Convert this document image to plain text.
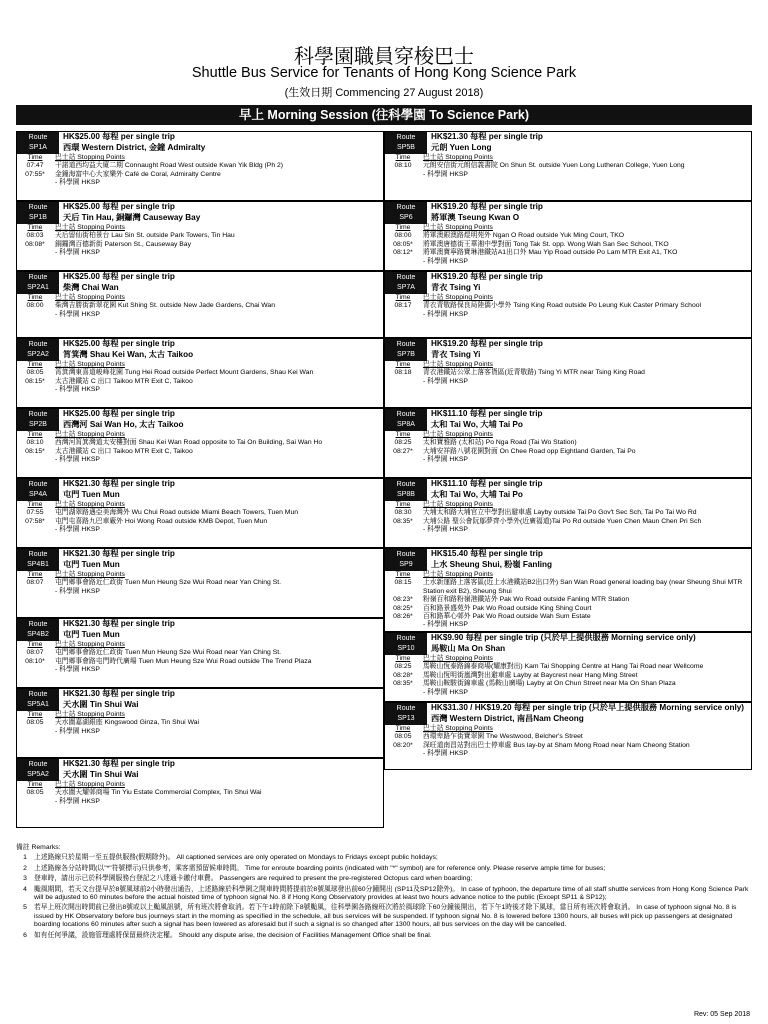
科學園職員穿梭巴士
Shuttle Bus Service for Tenants of Hong Kong Science Park
(生效日期 Commencing 27 August 2018)
早上 Morning Session (往科學園 To Science Park)
Route
SP1A
HK$25.00 每程 per single trip
西環 Western District, 金鐘 Admiralty
Time	巴士站 Stopping Points
07:47	干諾道西均益大廈二期 Connaught Road West outside Kwan Yik Bldg (Ph 2)
07:55*	金鐘海富中心大家樂外 Café de Coral, Admiralty Centre
- 科學園 HKSP
Route
SP1B
HK$25.00 每程 per single trip
天后 Tin Hau, 銅鑼灣 Causeway Bay
Time	巴士站 Stopping Points
08:03	天后留仙街柏景台 Lau Sin St. outside Park Towers, Tin Hau
08:08*	銅鑼灣百德新街 Paterson St., Causeway Bay
- 科學園 HKSP
Route
SP2A1
HK$25.00 每程 per single trip
柴灣 Chai Wan
Time	巴士站 Stopping Points
08:00	柴灣吉勝街新翠花園 Kut Shing St. outside New Jade Gardens, Chai Wan
- 科學園 HKSP
Route
SP2A2
HK$25.00 每程 per single trip
筲箕灣 Shau Kei Wan, 太古 Taikoo
Time	巴士站 Stopping Points
08:05	筲箕灣東喜道峻峰花園 Tung Hei Road outside Perfect Mount Gardens, Shau Kei Wan
08:15*	太古港鐵站 C 出口 Taikoo MTR Exit C, Taikoo
- 科學園 HKSP
Route
SP2B
HK$25.00 每程 per single trip
西灣河 Sai Wan Ho, 太古 Taikoo
Time	巴士站 Stopping Points
08:10	西灣河筲箕灣道太安樓對面 Shau Kei Wan Road opposite to Tai On Building, Sai Wan Ho
08:15*	太古港鐵站 C 出口 Taikoo MTR Exit C, Taikoo
- 科學園 HKSP
Route
SP4A
HK$21.30 每程 per single trip
屯門 Tuen Mun
Time	巴士站 Stopping Points
07:55	屯門湖翠路邁亞美海灣外 Wu Chui Road outside Miami Beach Towers, Tuen Mun
07:58*	屯門屯喜路九巴車廠外 Hoi Wong Road outside KMB Depot, Tuen Mun
- 科學園 HKSP
Route
SP4B1
HK$21.30 每程 per single trip
屯門 Tuen Mun
Time	巴士站 Stopping Points
08:07	屯門鄉事會路近仁政街 Tuen Mun Heung Sze Wui Road near Yan Ching St.
- 科學園 HKSP
Route
SP4B2
HK$21.30 每程 per single trip
屯門 Tuen Mun
Time	巴士站 Stopping Points
08:07	屯門鄉事會路近仁政街 Tuen Mun Heung Sze Wui Road near Yan Ching St.
08:10*	屯門鄉事會路屯門時代廣場 Tuen Mun Heung Sze Wui Road outside The Trend Plaza
- 科學園 HKSP
Route
SP5A1
HK$21.30 每程 per single trip
天水圍 Tin Shui Wai
Time	巴士站 Stopping Points
08:05	天水圍嘉湖銀座 Kingswood Ginza, Tin Shui Wai
- 科學園 HKSP
Route
SP5A2
HK$21.30 每程 per single trip
天水圍 Tin Shui Wai
Time	巴士站 Stopping Points
08:05	天水圍天耀邨商場 Tin Yiu Estate Commercial Complex, Tin Shui Wai
- 科學園 HKSP
Route
SP5B
HK$21.30 每程 per single trip
元朗 Yuen Long
Time	巴士站 Stopping Points
08:10	元朗安信街元朗信義書院 On Shun St. outside Yuen Long Lutheran College, Yuen Long
- 科學園 HKSP
Route
SP6
HK$19.20 每程 per single trip
將軍澳 Tseung Kwan O
Time	巴士站 Stopping Points
08:00	將軍澳銀澳路煜明苑外 Ngan O Road outside Yuk Ming Court, TKO
08:05*	將軍澳唐德街王華湘中學對面 Tong Tak St. opp. Wong Wah San Sec School, TKO
08:12*	將軍澳寶寧路寶琳港鐵站A1出口外 Mau Yip Road outside Po Lam MTR Exit A1, TKO
- 科學園 HKSP
Route
SP7A
HK$19.20 每程 per single trip
青衣 Tsing Yi
Time	巴士站 Stopping Points
08:17	青衣青敬路保良局陸僑小學外 Tsing King Road outside Po Leung Kuk Caster Primary School
- 科學園 HKSP
Route
SP7B
HK$19.20 每程 per single trip
青衣 Tsing Yi
Time	巴士站 Stopping Points
08:18	青衣港鐵站公眾上落客貨區(近青敬路) Tsing Yi MTR near Tsing King Road
- 科學園 HKSP
Route
SP8A
HK$11.10 每程 per single trip
太和 Tai Wo, 大埔 Tai Po
Time	巴士站 Stopping Points
08:25	太和寶雅路 (太和站) Po Nga Road (Tai Wo Station)
08:27*	大埔安祥路八號花園對面 On Chee Road opp Eightland Garden, Tai Po
- 科學園 HKSP
Route
SP8B
HK$11.10 每程 per single trip
太和 Tai Wo, 大埔 Tai Po
Time	巴士站 Stopping Points
08:30	大埔太和路大埔官立中學對出避車處 Layby outside Tai Po Gov't Sec Sch, Tai Po Tai Wo Rd
08:35*	大埔公路 聖公會阮鄔夢齊小學外(近廣福道)Tai Po Rd outside Yuen Chen Maun Chen Pri Sch
- 科學園 HKSP
Route
SP9
HK$15.40 每程 per single trip
上水 Sheung Shui, 粉嶺 Fanling
Time	巴士站 Stopping Points
08:15	上水新運路上落客區(近上水港鐵站B2出口外) San Wan Road general loading bay (near Sheung Shui MTR Station exit B2), Sheung Shui
08:23*	粉嶺百和路粉嶺港鐵站外 Pak Wo Road outside Fanling MTR Station
08:25*	百和路景盛苑外 Pak Wo Road outside King Shing Court
08:26*	百和路華心邨外 Pak Wo Road outside Wah Sum Estate
- 科學園 HKSP
Route
SP10
HK$9.90 每程 per single trip (只於早上提供服務 Morning service only)
馬鞍山 Ma On Shan
Time	巴士站 Stopping Points
08:25	馬鞍山恆泰路錦泰商場(耀康對出) Kam Tai Shopping Centre at Hang Tai Road near Wellcome
08:28*	馬鞍山恆明街嵐灣對出避車處 Layby at Baycrest near Hang Ming Street
08:35*	馬鞍山鞍駿街錦車處 (馬鞍山廣場) Layby at On Chun Street near Ma On Shan Plaza
- 科學園 HKSP
Route
SP13
HK$31.30 / HK$19.20 每程 per single trip (只於早上提供服務 Morning service only)
西灣 Western District, 南昌Nam Cheong
Time	巴士站 Stopping Points
08:05	西環卑路乍街寶翠園 The Westwood, Belcher's Street
08:20*	深旺道南昌站對出巴士停車處 Bus lay-by at Sham Mong Road near Nam Cheong Station
- 科學園 HKSP
備註 Remarks:
1	上述路線只於星期一至五提供服務(假期除外)。 All captioned services are only operated on Mondays to Fridays except public holidays;
2	上述路線各分站時間(以"*"符號標示)只供參考，乘客需預留候車時間。 Time for enroute boarding points (indicated with "*" symbol) are for reference only. Please reserve ample time for buses;
3	登車時，請出示已於科學園服務台登記之八達通卡繳付車費。 Passengers are required to present the pre-registered Octopus card when boarding;
4	颱風期間，若天文台提早於8號風球前2小時發出通告，上述路線於科學園之開車時間將提前於8號風球發出前60分鐘開出 (SP11及SP12除外)。 In case of typhoon, the departure time of all staff shuttle services from Hong Kong Science Park will be adjusted to 60 minutes before the actual hoisted time of typhoon signal No. 8 if Hong Kong Observatory provides at least two hours advance notice to the public (Except SP11 & SP12);
5	若早上班次開出時間前已發出8號或以上颱風訊號，所有班次將會取消。若下午1時前除下8號颱風，往科學園各路線班次將於風球除下60分鐘後開出，若下午1時後才除下風球，當日所有班次將會取消。 In case of typhoon signal No. 8 is issued by HK Observatory before bus journeys start in the morning as specified in the schedule, all bus services will be suspended. If typhoon signal No. 8 is lowered before 1300 hours, all buses will pick up passengers at designated boarding locations 60 minutes after such a signal has been lowered as aforesaid but if such a signal is so changed after 1300 hours, all bus services on the day will be cancelled.
6	如有任何爭議，設施管理處將保留最終決定權。 Should any dispute arise, the decision of Facilities Management Office shall be final.
Rev: 05 Sep 2018
